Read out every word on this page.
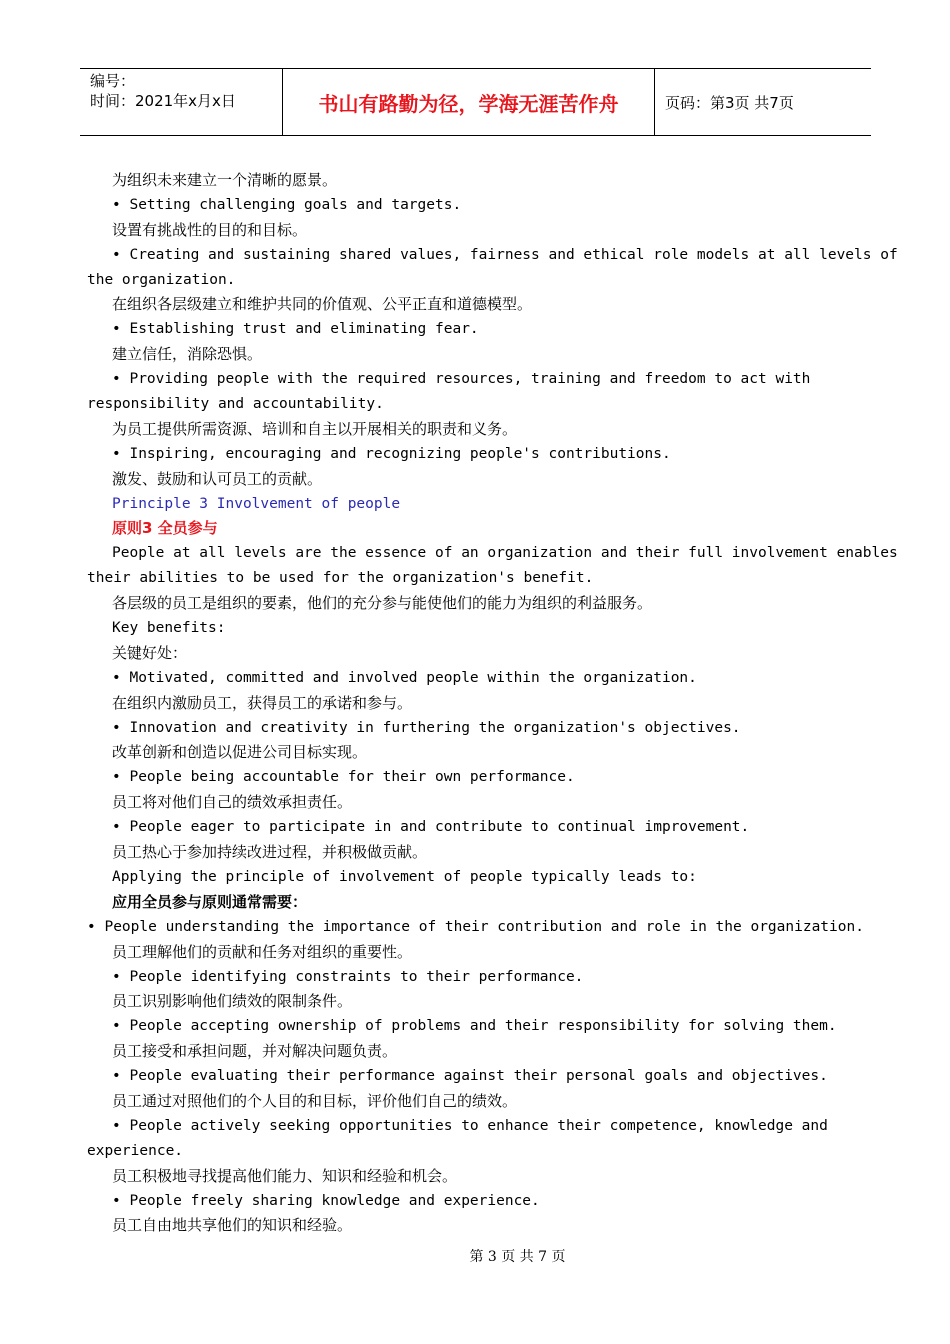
编号：
时间：2021年x月x日	书山有路勤为径，学海无涯苦作舟	页码：第3页 共7页
为组织未来建立一个清晰的愿景。
• Setting challenging goals and targets.
设置有挑战性的目的和目标。
• Creating and sustaining shared values, fairness and ethical role models at all levels of
the organization.
在组织各层级建立和维护共同的价值观、公平正直和道德模型。
• Establishing trust and eliminating fear.
建立信任，消除恐惧。
• Providing people with the required resources, training and freedom to act with
responsibility and accountability.
为员工提供所需资源、培训和自主以开展相关的职责和义务。
• Inspiring, encouraging and recognizing people's contributions.
激发、鼓励和认可员工的贡献。
Principle 3 Involvement of people
原则3 全员参与
People at all levels are the essence of an organization and their full involvement enables
their abilities to be used for the organization's benefit.
各层级的员工是组织的要素，他们的充分参与能使他们的能力为组织的利益服务。
Key benefits:
关键好处：
• Motivated, committed and involved people within the organization.
在组织内激励员工，获得员工的承诺和参与。
• Innovation and creativity in furthering the organization's objectives.
改革创新和创造以促进公司目标实现。
• People being accountable for their own performance.
员工将对他们自己的绩效承担责任。
• People eager to participate in and contribute to continual improvement.
员工热心于参加持续改进过程，并积极做贡献。
Applying the principle of involvement of people typically leads to:
应用全员参与原则通常需要：
• People understanding the importance of their contribution and role in the organization.
员工理解他们的贡献和任务对组织的重要性。
• People identifying constraints to their performance.
员工识别影响他们绩效的限制条件。
• People accepting ownership of problems and their responsibility for solving them.
员工接受和承担问题，并对解决问题负责。
• People evaluating their performance against their personal goals and objectives.
员工通过对照他们的个人目的和目标，评价他们自己的绩效。
• People actively seeking opportunities to enhance their competence, knowledge and
experience.
员工积极地寻找提高他们能力、知识和经验和机会。
• People freely sharing knowledge and experience.
员工自由地共享他们的知识和经验。
第 3 页 共 7 页
